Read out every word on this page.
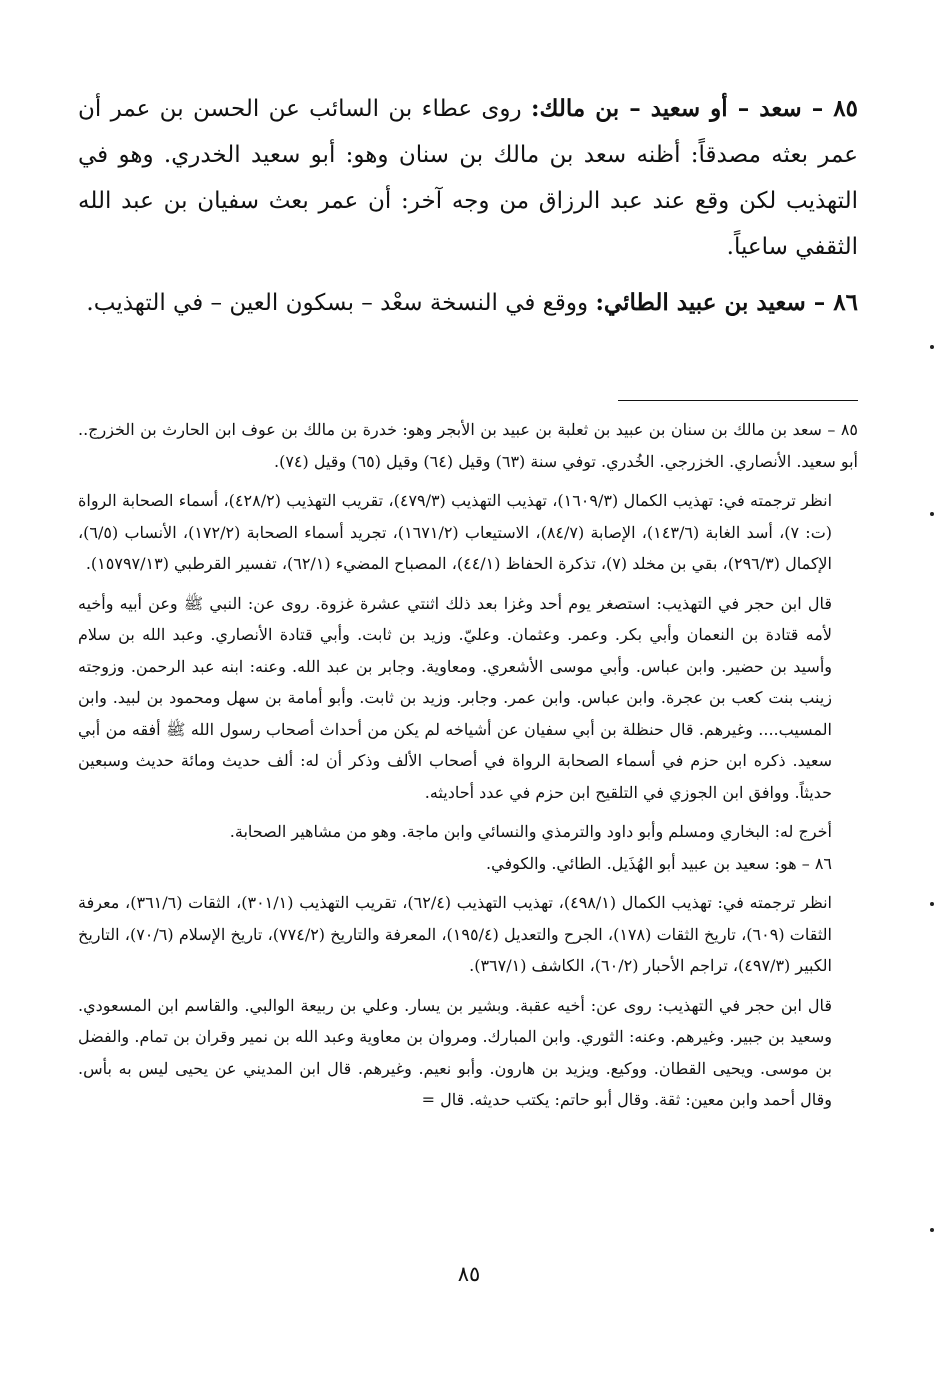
٨٥ – سعد – أو سعيد – بن مالك: روى عطاء بن السائب عن الحسن بن عمر أن عمر بعثه مصدقاً: أظنه سعد بن مالك بن سنان وهو: أبو سعيد الخدري. وهو في التهذيب لكن وقع عند عبد الرزاق من وجه آخر: أن عمر بعث سفيان بن عبد الله الثقفي ساعياً.

٨٦ – سعيد بن عبيد الطائي: ووقع في النسخة سعْد – بسكون العين – في التهذيب.

٨٥ – سعد بن مالك بن سنان بن عبيد بن ثعلبة بن عبيد بن الأبجر وهو: خدرة بن مالك بن عوف ابن الحارث بن الخزرج.. أبو سعيد. الأنصاري. الخزرجي. الخُدري. توفي سنة (٦٣) وقيل (٦٤) وقيل (٦٥) وقيل (٧٤).

انظر ترجمته في: تهذيب الكمال (١٦٠٩/٣)، تهذيب التهذيب (٤٧٩/٣)، تقريب التهذيب (٤٢٨/٢)، أسماء الصحابة الرواة (ت: ٧)، أسد الغابة (١٤٣/٦)، الإصابة (٨٤/٧)، الاستيعاب (١٦٧١/٢)، تجريد أسماء الصحابة (١٧٢/٢)، الأنساب (٦/٥)، الإكمال (٢٩٦/٣)، بقي بن مخلد (٧)، تذكرة الحفاظ (٤٤/١)، المصباح المضيء (٦٢/١)، تفسير القرطبي (١٥٧٩٧/١٣).

قال ابن حجر في التهذيب: استصغر يوم أحد وغزا بعد ذلك اثنتي عشرة غزوة. روى عن: النبي ﷺ وعن أبيه وأخيه لأمه قتادة بن النعمان وأبي بكر. وعمر. وعثمان. وعليّ. وزيد بن ثابت. وأبي قتادة الأنصاري. وعبد الله بن سلام وأسيد بن حضير. وابن عباس. وأبي موسى الأشعري. ومعاوية. وجابر بن عبد الله. وعنه: ابنه عبد الرحمن. وزوجته زينب بنت كعب بن عجرة. وابن عباس. وابن عمر. وجابر. وزيد بن ثابت. وأبو أمامة بن سهل ومحمود بن لبيد. وابن المسيب.... وغيرهم. قال حنظلة بن أبي سفيان عن أشياخه لم يكن من أحداث أصحاب رسول الله ﷺ أفقه من أبي سعيد. ذكره ابن حزم في أسماء الصحابة الرواة في أصحاب الألف وذكر أن له: ألف حديث ومائة حديث وسبعين حديثاً. ووافق ابن الجوزي في التلقيح ابن حزم في عدد أحاديثه.

أخرج له: البخاري ومسلم وأبو داود والترمذي والنسائي وابن ماجة. وهو من مشاهير الصحابة.

٨٦ – هو: سعيد بن عبيد أبو الهُذَيل. الطائي. والكوفي.

انظر ترجمته في: تهذيب الكمال (٤٩٨/١)، تهذيب التهذيب (٦٢/٤)، تقريب التهذيب (٣٠١/١)، الثقات (٣٦١/٦)، معرفة الثقات (٦٠٩)، تاريخ الثقات (١٧٨)، الجرح والتعديل (١٩٥/٤)، المعرفة والتاريخ (٧٧٤/٢)، تاريخ الإسلام (٧٠/٦)، التاريخ الكبير (٤٩٧/٣)، تراجم الأحبار (٦٠/٢)، الكاشف (٣٦٧/١).

قال ابن حجر في التهذيب: روى عن: أخيه عقبة. وبشير بن يسار. وعلي بن ربيعة الوالبي. والقاسم ابن المسعودي. وسعيد بن جبير. وغيرهم. وعنه: الثوري. وابن المبارك. ومروان بن معاوية وعبد الله بن نمير وقران بن تمام. والفضل بن موسى. ويحيى القطان. ووكيع. ويزيد بن هارون. وأبو نعيم. وغيرهم. قال ابن المديني عن يحيى ليس به بأس. وقال أحمد وابن معين: ثقة. وقال أبو حاتم: يكتب حديثه. قال =

٨٥
